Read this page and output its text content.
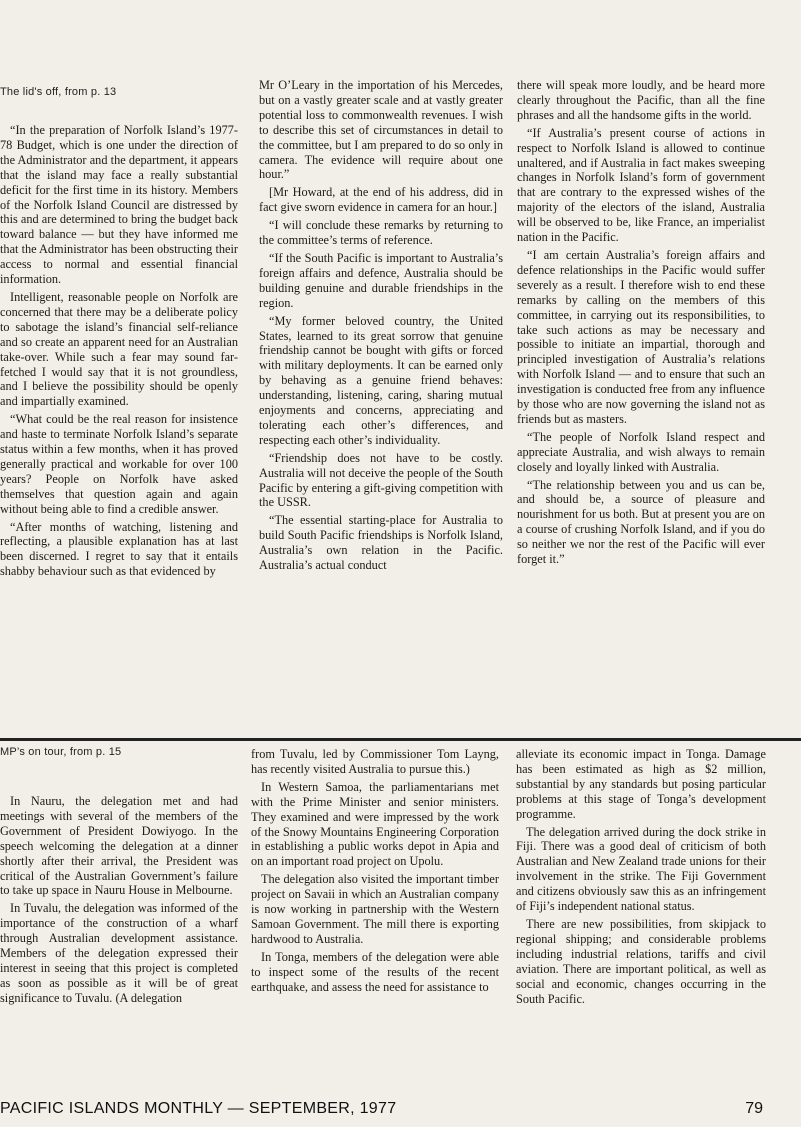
The lid's off, from p. 13

“In the preparation of Norfolk Island’s 1977-78 Budget, which is one under the direction of the Administrator and the department, it appears that the island may face a really substantial deficit for the first time in its history. Members of the Norfolk Island Council are distressed by this and are determined to bring the budget back toward balance — but they have informed me that the Administrator has been obstructing their access to normal and essential financial information.

Intelligent, reasonable people on Norfolk are concerned that there may be a deliberate policy to sabotage the island’s financial self-reliance and so create an apparent need for an Australian take-over. While such a fear may sound far-fetched I would say that it is not groundless, and I believe the possibility should be openly and impartially examined.

“What could be the real reason for insistence and haste to terminate Norfolk Island’s separate status within a few months, when it has proved generally practical and workable for over 100 years? People on Norfolk have asked themselves that question again and again without being able to find a credible answer.

“After months of watching, listening and reflecting, a plausible explanation has at last been discerned. I regret to say that it entails shabby behaviour such as that evidenced by

Mr O’Leary in the importation of his Mercedes, but on a vastly greater scale and at vastly greater potential loss to commonwealth revenues. I wish to describe this set of circumstances in detail to the committee, but I am prepared to do so only in camera. The evidence will require about one hour.”

[Mr Howard, at the end of his address, did in fact give sworn evidence in camera for an hour.]

“I will conclude these remarks by returning to the committee’s terms of reference.

“If the South Pacific is important to Australia’s foreign affairs and defence, Australia should be building genuine and durable friendships in the region.

“My former beloved country, the United States, learned to its great sorrow that genuine friendship cannot be bought with gifts or forced with military deployments. It can be earned only by behaving as a genuine friend behaves: understanding, listening, caring, sharing mutual enjoyments and concerns, appreciating and tolerating each other’s differences, and respecting each other’s individuality.

“Friendship does not have to be costly. Australia will not deceive the people of the South Pacific by entering a gift-giving competition with the USSR.

“The essential starting-place for Australia to build South Pacific friendships is Norfolk Island, Australia’s own relation in the Pacific. Australia’s actual conduct

there will speak more loudly, and be heard more clearly throughout the Pacific, than all the fine phrases and all the handsome gifts in the world.

“If Australia’s present course of actions in respect to Norfolk Island is allowed to continue unaltered, and if Australia in fact makes sweeping changes in Norfolk Island’s form of government that are contrary to the expressed wishes of the majority of the electors of the island, Australia will be observed to be, like France, an imperialist nation in the Pacific.

“I am certain Australia’s foreign affairs and defence relationships in the Pacific would suffer severely as a result. I therefore wish to end these remarks by calling on the members of this committee, in carrying out its responsibilities, to take such actions as may be necessary and possible to initiate an impartial, thorough and principled investigation of Australia’s relations with Norfolk Island — and to ensure that such an investigation is conducted free from any influence by those who are now governing the island not as friends but as masters.

“The people of Norfolk Island respect and appreciate Australia, and wish always to remain closely and loyally linked with Australia.

“The relationship between you and us can be, and should be, a source of pleasure and nourishment for us both. But at present you are on a course of crushing Norfolk Island, and if you do so neither we nor the rest of the Pacific will ever forget it.”

MP’s on tour, from p. 15

In Nauru, the delegation met and had meetings with several of the members of the Government of President Dowiyogo. In the speech welcoming the delegation at a dinner shortly after their arrival, the President was critical of the Australian Government’s failure to take up space in Nauru House in Melbourne.

In Tuvalu, the delegation was informed of the importance of the construction of a wharf through Australian development assistance. Members of the delegation expressed their interest in seeing that this project is completed as soon as possible as it will be of great significance to Tuvalu. (A delegation

from Tuvalu, led by Commissioner Tom Layng, has recently visited Australia to pursue this.)

In Western Samoa, the parliamentarians met with the Prime Minister and senior ministers. They examined and were impressed by the work of the Snowy Mountains Engineering Corporation in establishing a public works depot in Apia and on an important road project on Upolu.

The delegation also visited the important timber project on Savaii in which an Australian company is now working in partnership with the Western Samoan Government. The mill there is exporting hardwood to Australia.

In Tonga, members of the delegation were able to inspect some of the results of the recent earthquake, and assess the need for assistance to

alleviate its economic impact in Tonga. Damage has been estimated as high as $2 million, substantial by any standards but posing particular problems at this stage of Tonga’s development programme.

The delegation arrived during the dock strike in Fiji. There was a good deal of criticism of both Australian and New Zealand trade unions for their involvement in the strike. The Fiji Government and citizens obviously saw this as an infringement of Fiji’s independent national status.

There are new possibilities, from skipjack to regional shipping; and considerable problems including industrial relations, tariffs and civil aviation. There are important political, as well as social and economic, changes occurring in the South Pacific.

PACIFIC ISLANDS MONTHLY — SEPTEMBER, 1977	79
